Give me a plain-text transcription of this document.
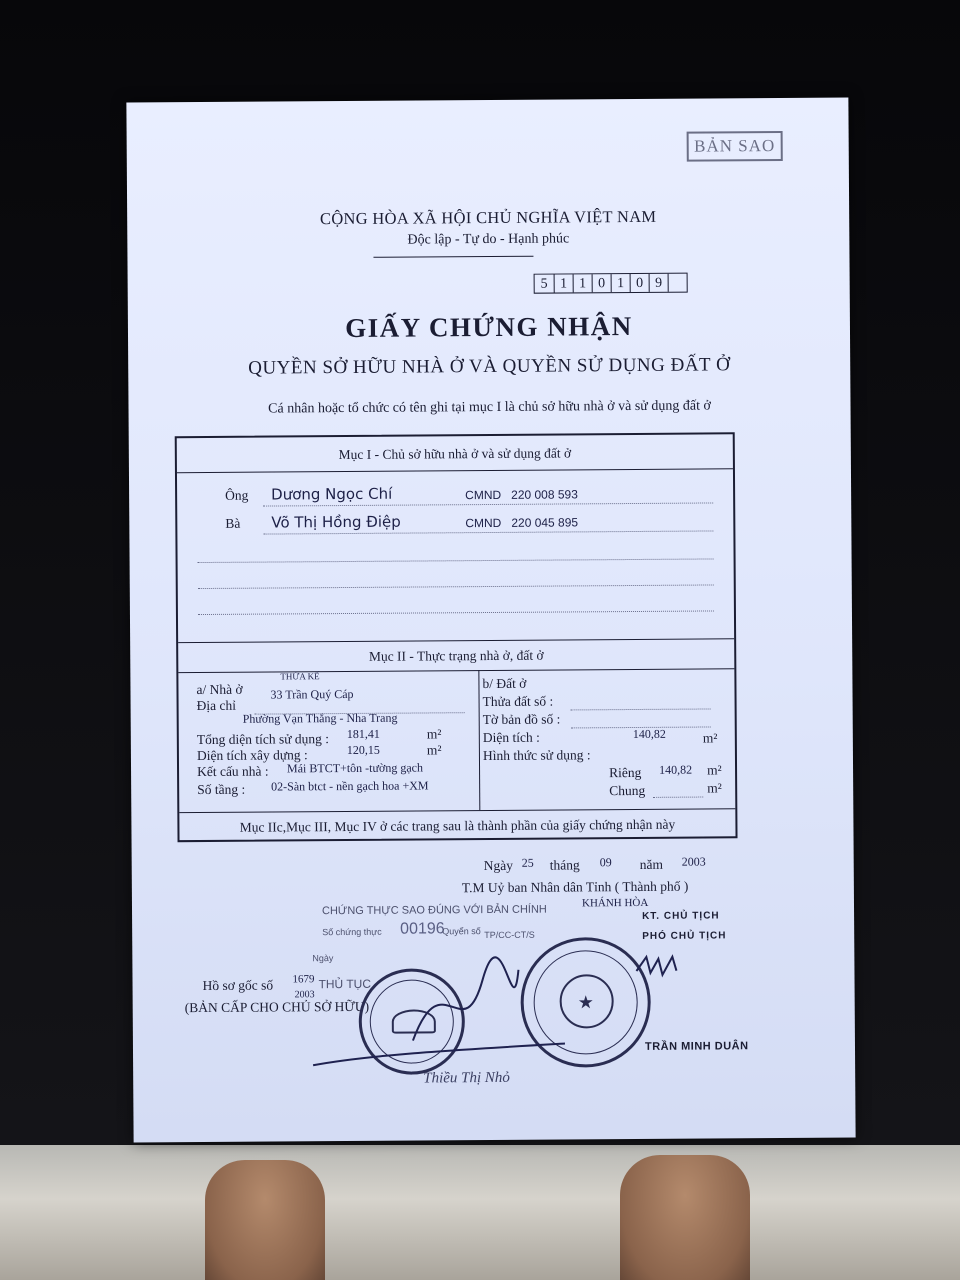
BẢN SAO
CỘNG HÒA XÃ HỘI CHỦ NGHĨA VIỆT NAM
Độc lập - Tự do - Hạnh phúc
5 1 1 0 1 0 9
GIẤY CHỨNG NHẬN
QUYỀN SỞ HỮU NHÀ Ở VÀ QUYỀN SỬ DỤNG ĐẤT Ở
Cá nhân hoặc tổ chức có tên ghi tại mục I là chủ sở hữu nhà ở và sử dụng đất ở
Mục I - Chủ sở hữu nhà ở và sử dụng đất ở
Ông Dương Ngọc Chí	CMND 220 008 593
Bà Võ Thị Hồng Điệp	CMND 220 045 895
Mục II - Thực trạng nhà ở, đất ở
a/ Nhà ở
THỪA KẾ
33 Trần Quý Cáp
Địa chỉ
Phường Vạn Thắng - Nha Trang
Tổng diện tích sử dụng : 181,41	m²
Diện tích xây dựng :	120,15	m²
Kết cấu nhà : Mái BTCT+tôn -tường gạch
Số tầng : 02-Sàn btct - nền gạch hoa +XM
b/ Đất ở
Thửa đất số :
Tờ bản đồ số :
Diện tích :	140,82	m²
Hình thức sử dụng :
Riêng 140,82 m²
Chung	m²
Mục IIc,Mục III, Mục IV ở các trang sau là thành phần của giấy chứng nhận này
Ngày 25 tháng 09 năm 2003
T.M Uỷ ban Nhân dân Tỉnh ( Thành phố )
KHÁNH HÒA
CHỨNG THỰC SAO ĐÚNG VỚI BẢN CHÍNH
Số chứng thực 00196
Quyển số TP/CC-CT/S
Ngày
THỦ TỤC
KT. CHỦ TỊCH
PHÓ CHỦ TỊCH
Hồ sơ gốc số 1679
2003
(BẢN CẤP CHO CHỦ SỞ HỮU)	★
TRẦN MINH DUÂN
Thiều Thị Nhỏ
